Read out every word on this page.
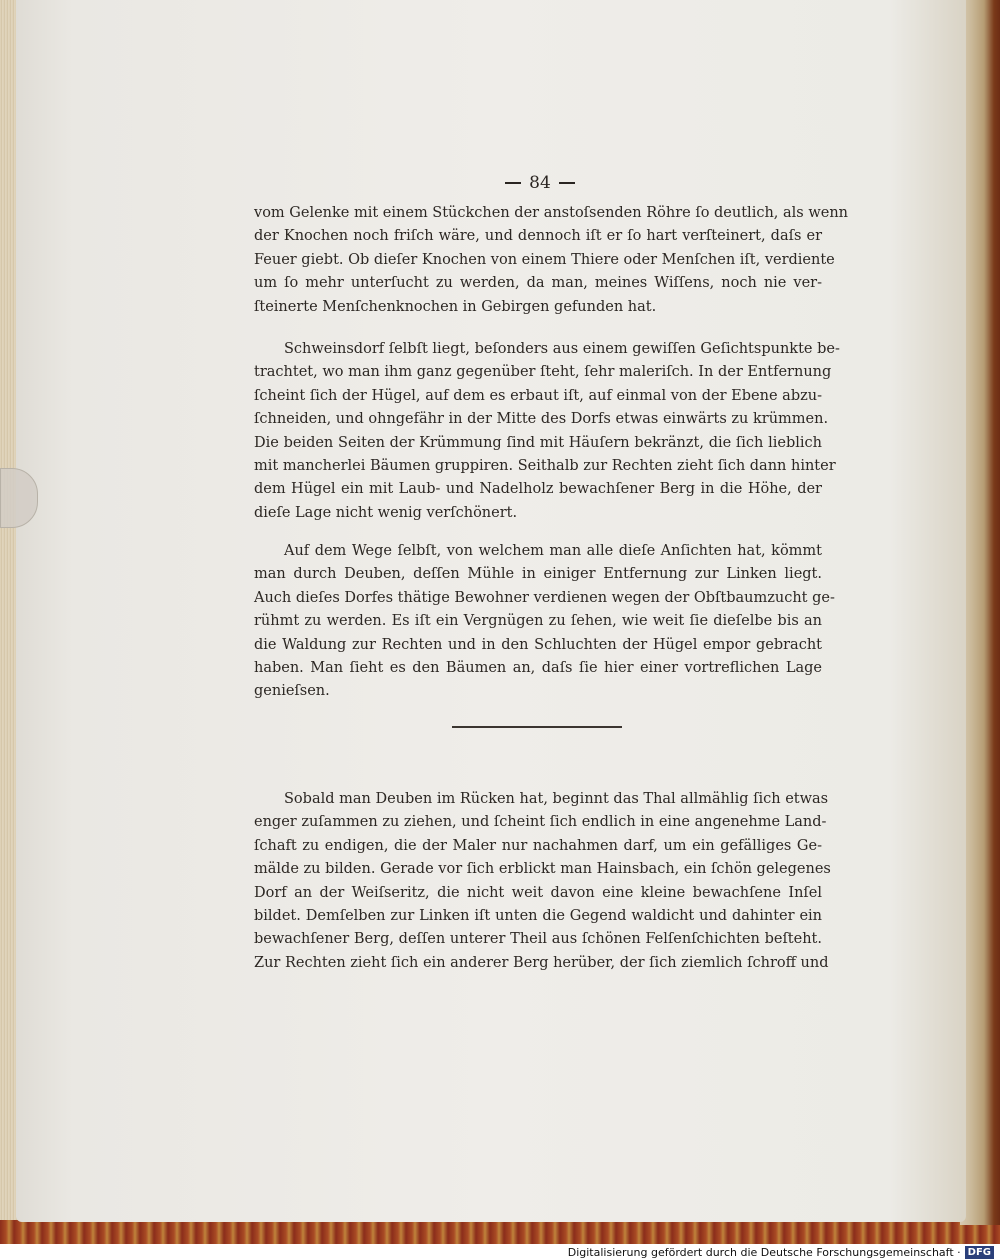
84
vom Gelenke mit einem Stückchen der anstoſsenden Röhre ſo deutlich, als wenn
der Knochen noch friſch wäre, und dennoch iſt er ſo hart verſteinert, daſs er
Feuer giebt. Ob dieſer Knochen von einem Thiere oder Menſchen iſt, verdiente
um ſo mehr unterſucht zu werden, da man, meines Wiſſens, noch nie ver-
ſteinerte Menſchenknochen in Gebirgen gefunden hat.
Schweinsdorf ſelbſt liegt, beſonders aus einem gewiſſen Geſichtspunkte be-
trachtet, wo man ihm ganz gegenüber ſteht, ſehr maleriſch. In der Entfernung
ſcheint ſich der Hügel, auf dem es erbaut iſt, auf einmal von der Ebene abzu-
ſchneiden, und ohngefähr in der Mitte des Dorfs etwas einwärts zu krümmen.
Die beiden Seiten der Krümmung ſind mit Häuſern bekränzt, die ſich lieblich
mit mancherlei Bäumen gruppiren. Seithalb zur Rechten zieht ſich dann hinter
dem Hügel ein mit Laub- und Nadelholz bewachſener Berg in die Höhe, der
dieſe Lage nicht wenig verſchönert.
Auf dem Wege ſelbſt, von welchem man alle dieſe Anſichten hat, kömmt
man durch Deuben, deſſen Mühle in einiger Entfernung zur Linken liegt.
Auch dieſes Dorfes thätige Bewohner verdienen wegen der Obſtbaumzucht ge-
rühmt zu werden. Es iſt ein Vergnügen zu ſehen, wie weit ſie dieſelbe bis an
die Waldung zur Rechten und in den Schluchten der Hügel empor gebracht
haben. Man ſieht es den Bäumen an, daſs ſie hier einer vortreflichen Lage
genieſsen.
Sobald man Deuben im Rücken hat, beginnt das Thal allmählig ſich etwas
enger zuſammen zu ziehen, und ſcheint ſich endlich in eine angenehme Land-
ſchaft zu endigen, die der Maler nur nachahmen darf, um ein gefälliges Ge-
mälde zu bilden. Gerade vor ſich erblickt man Hainsbach, ein ſchön gelegenes
Dorf an der Weiſseritz, die nicht weit davon eine kleine bewachſene Inſel
bildet. Demſelben zur Linken iſt unten die Gegend waldicht und dahinter ein
bewachſener Berg, deſſen unterer Theil aus ſchönen Felſenſchichten beſteht.
Zur Rechten zieht ſich ein anderer Berg herüber, der ſich ziemlich ſchroff und
Digitalisierung gefördert durch die Deutsche Forschungsgemeinschaft · DFG
